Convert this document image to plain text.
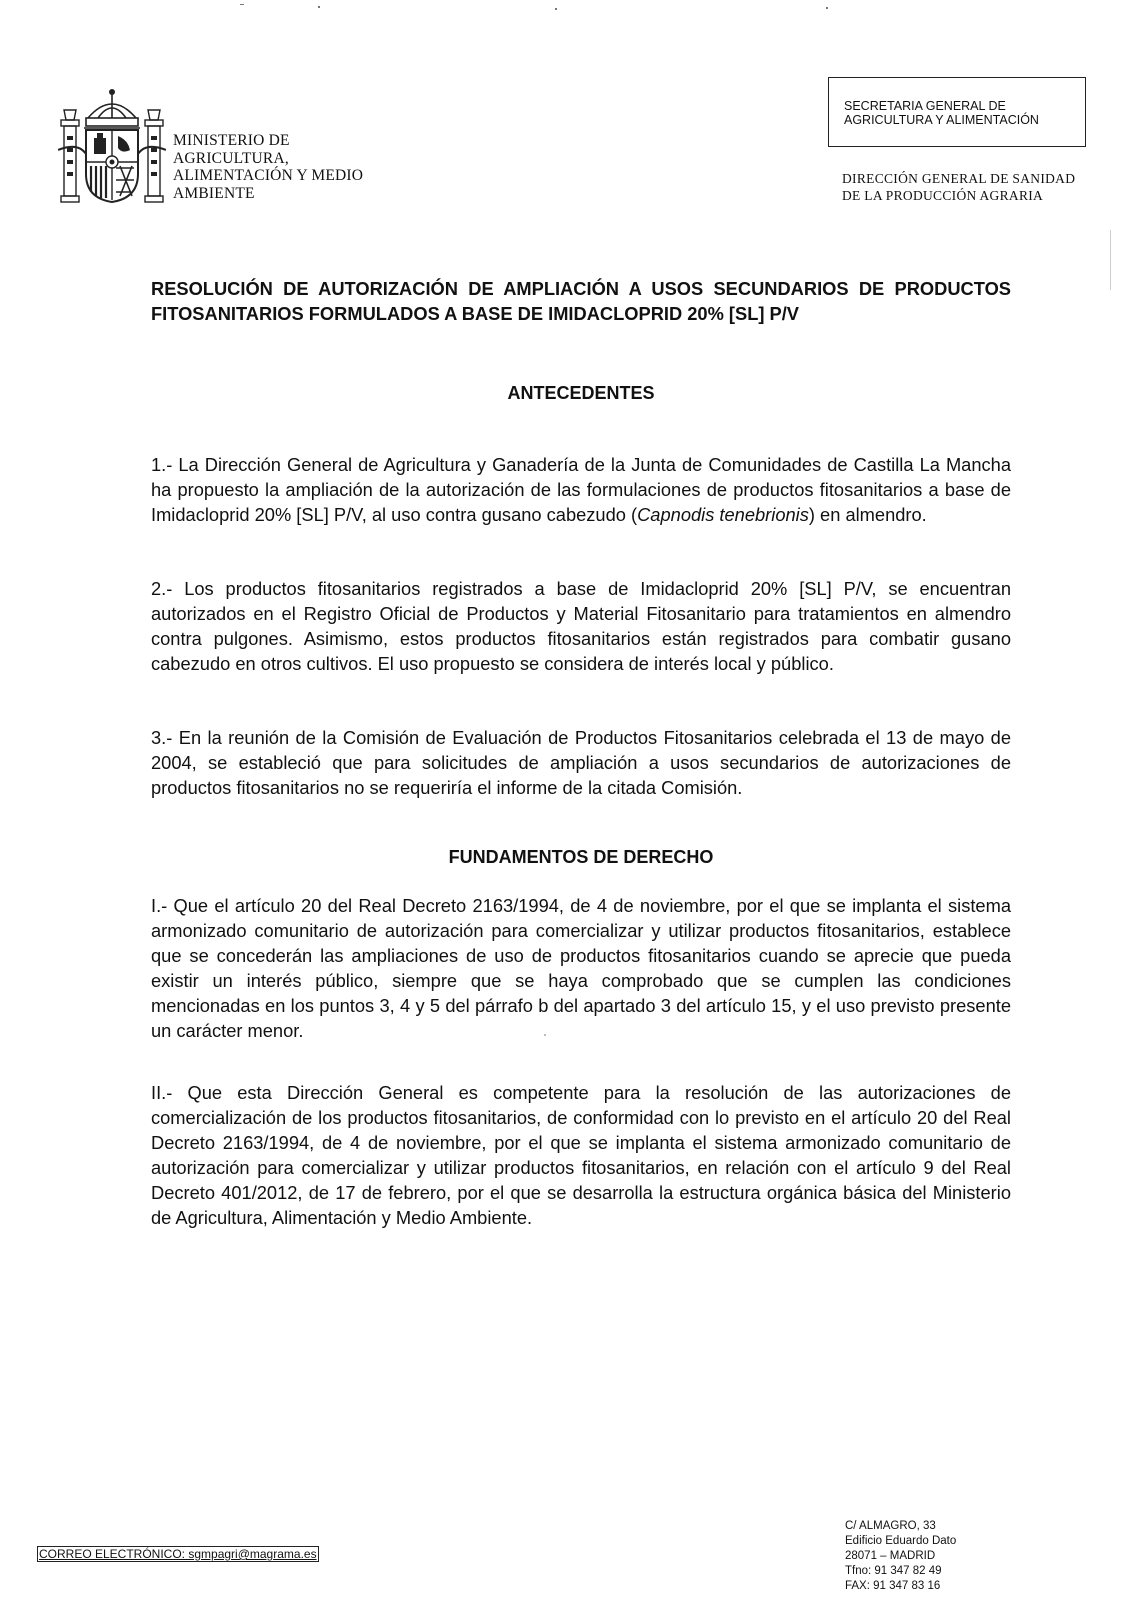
MINISTERIO DE
AGRICULTURA,
ALIMENTACIÓN Y MEDIO
AMBIENTE
SECRETARIA GENERAL DE
AGRICULTURA Y ALIMENTACIÓN
DIRECCIÓN GENERAL DE SANIDAD
DE LA PRODUCCIÓN AGRARIA
RESOLUCIÓN DE AUTORIZACIÓN DE AMPLIACIÓN A USOS SECUNDARIOS DE PRODUCTOS FITOSANITARIOS FORMULADOS A BASE DE IMIDACLOPRID 20% [SL] P/V
ANTECEDENTES
1.- La Dirección General de Agricultura y Ganadería de la Junta de Comunidades de Castilla La Mancha ha propuesto la ampliación de la autorización de las formulaciones de productos fitosanitarios a base de Imidacloprid 20% [SL] P/V, al uso contra gusano cabezudo (Capnodis tenebrionis) en almendro.
2.- Los productos fitosanitarios registrados a base de Imidacloprid 20% [SL] P/V, se encuentran autorizados en el Registro Oficial de Productos y Material Fitosanitario para tratamientos en almendro contra pulgones. Asimismo, estos productos fitosanitarios están registrados para combatir gusano cabezudo en otros cultivos. El uso propuesto se considera de interés local y público.
3.- En la reunión de la Comisión de Evaluación de Productos Fitosanitarios celebrada el 13 de mayo de 2004, se estableció que para solicitudes de ampliación a usos secundarios de autorizaciones de productos fitosanitarios no se requeriría el informe de la citada Comisión.
FUNDAMENTOS DE DERECHO
I.- Que el artículo 20 del Real Decreto 2163/1994, de 4 de noviembre, por el que se implanta el sistema armonizado comunitario de autorización para comercializar y utilizar productos fitosanitarios, establece que se concederán las ampliaciones de uso de productos fitosanitarios cuando se aprecie que pueda existir un interés público, siempre que se haya comprobado que se cumplen las condiciones mencionadas en los puntos 3, 4 y 5 del párrafo b del apartado 3 del artículo 15, y el uso previsto presente un carácter menor.
II.- Que esta Dirección General es competente para la resolución de las autorizaciones de comercialización de los productos fitosanitarios, de conformidad con lo previsto en el artículo 20 del Real Decreto 2163/1994, de 4 de noviembre, por el que se implanta el sistema armonizado comunitario de autorización para comercializar y utilizar productos fitosanitarios, en relación con el artículo 9 del Real Decreto 401/2012, de 17 de febrero, por el que se desarrolla la estructura orgánica básica del Ministerio de Agricultura, Alimentación y Medio Ambiente.
CORREO ELECTRÓNICO: sgmpagri@magrama.es
C/ ALMAGRO, 33
Edificio Eduardo Dato
28071 – MADRID
Tfno: 91 347 82 49
FAX: 91 347 83 16
